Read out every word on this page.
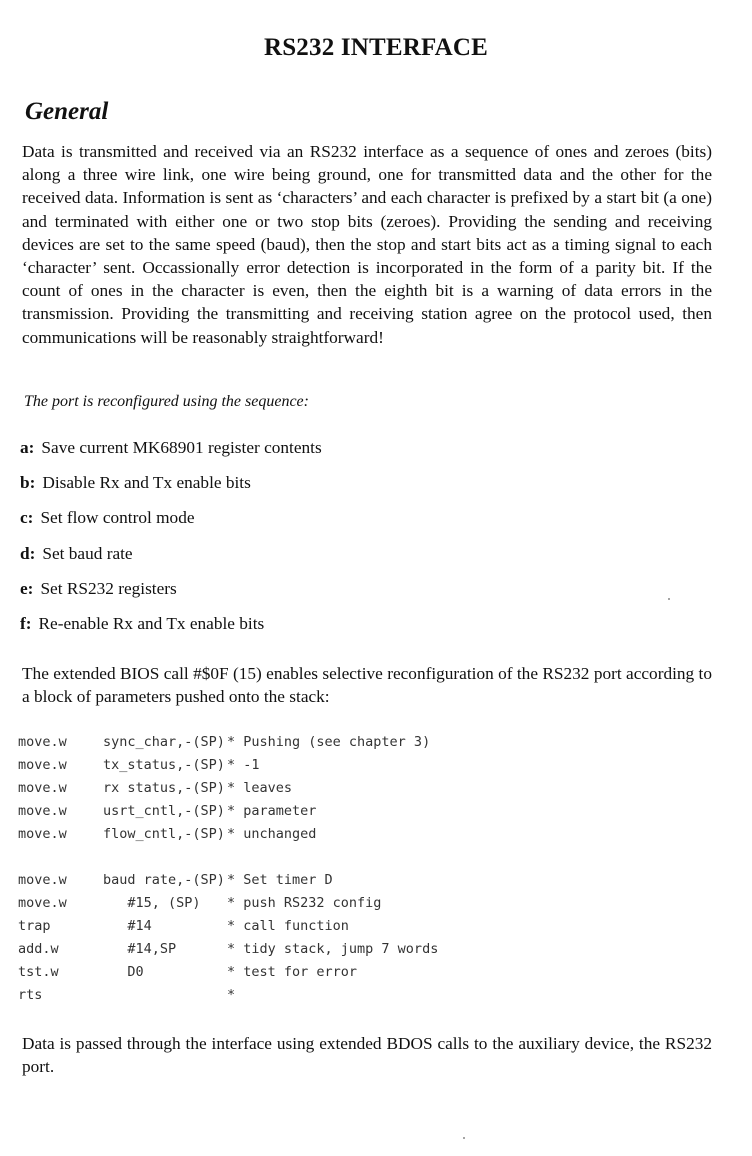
RS232 INTERFACE
General

Data is transmitted and received via an RS232 interface as a sequence of ones and zeroes (bits) along a three wire link, one wire being ground, one for transmitted data and the other for the received data. Information is sent as ‘characters’ and each character is prefixed by a start bit (a one) and terminated with either one or two stop bits (zeroes). Providing the sending and receiving devices are set to the same speed (baud), then the stop and start bits act as a timing signal to each ‘character’ sent. Occassionally error detection is incorporated in the form of a parity bit. If the count of ones in the character is even, then the eighth bit is a warning of data errors in the transmission. Providing the transmitting and receiving station agree on the protocol used, then communications will be reasonably straightforward!

The port is reconfigured using the sequence:
a: Save current MK68901 register contents
b: Disable Rx and Tx enable bits
c: Set flow control mode
d: Set baud rate
e: Set RS232 registers
f: Re-enable Rx and Tx enable bits

The extended BIOS call #$0F (15) enables selective reconfiguration of the RS232 port according to a block of parameters pushed onto the stack:

move.w	sync_char,-(SP) * Pushing (see chapter 3)
move.w	tx_status,-(SP) * -1
move.w	rx status,-(SP) * leaves
move.w	usrt_cntl,-(SP) * parameter
move.w	flow_cntl,-(SP) * unchanged
move.w	baud rate,-(SP) * Set timer D
move.w	#15, (SP) * push RS232 config
trap	#14	* call function
add.w	#14,SP	* tidy stack, jump 7 words
tst.w	D0	* test for error
rts	*

Data is passed through the interface using extended BDOS calls to the auxiliary device, the RS232 port.
